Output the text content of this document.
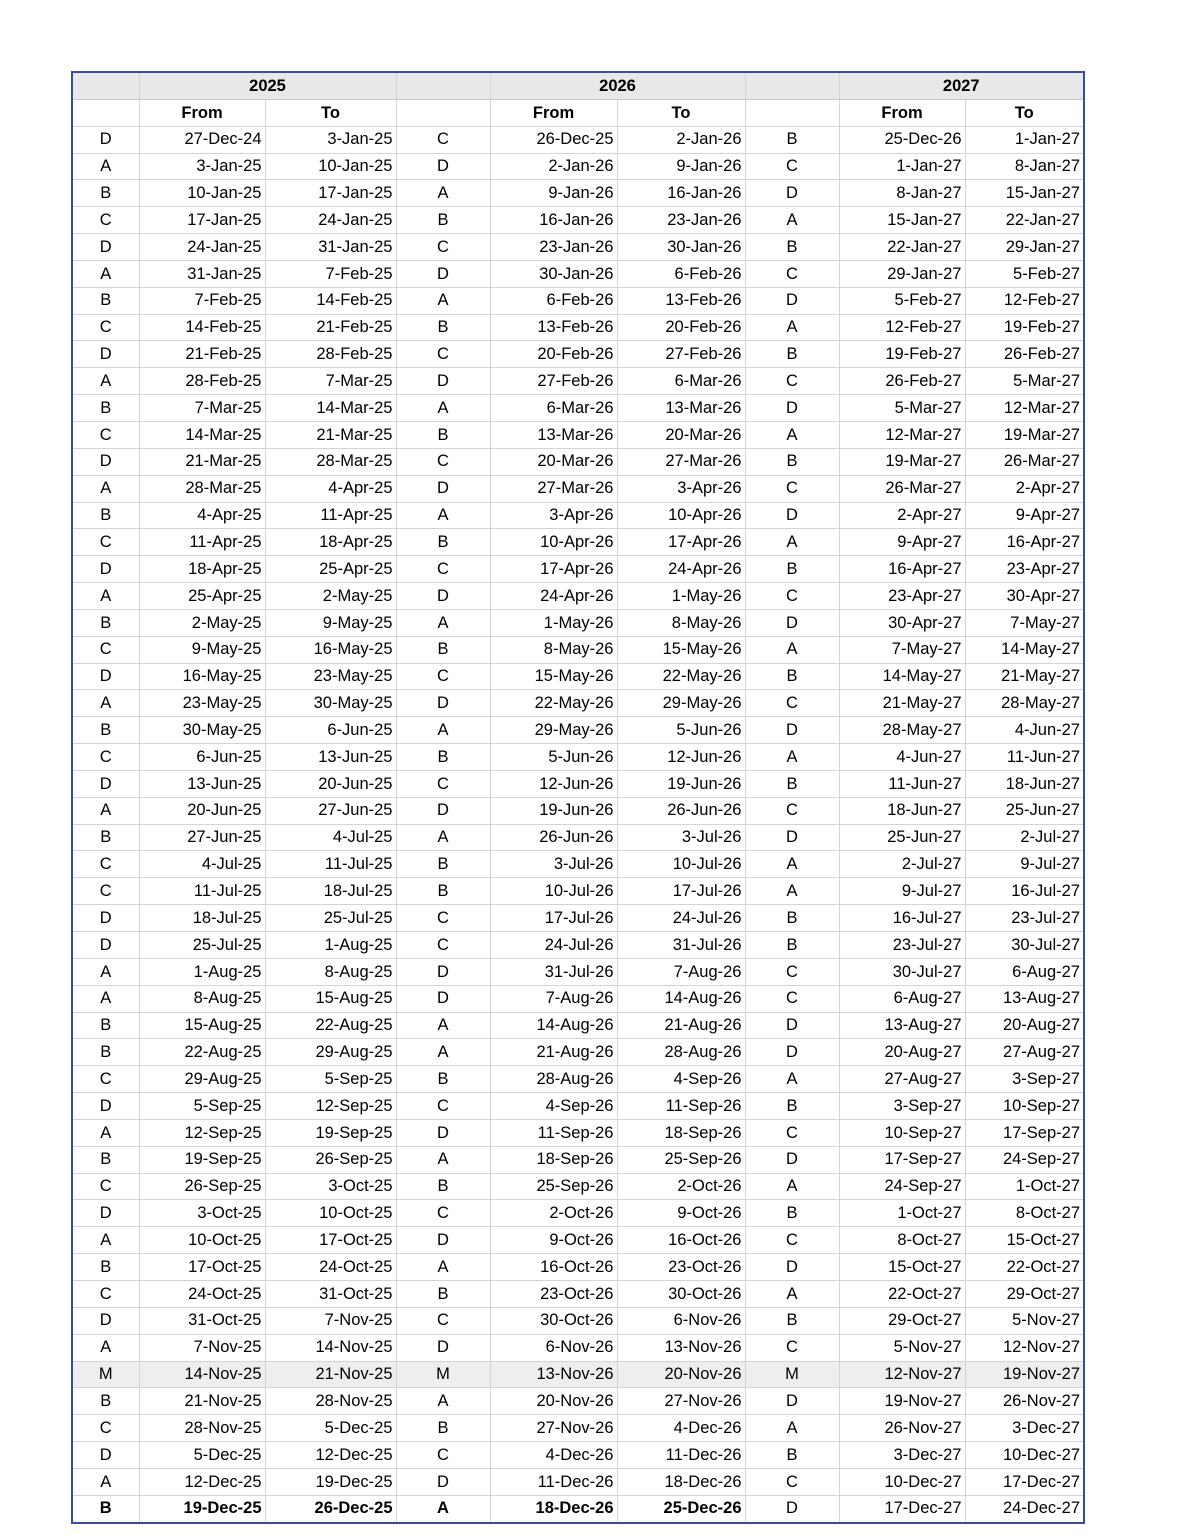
	2025			2026			2027	
	From	To		From	To		From	To
D	27-Dec-24	3-Jan-25	C	26-Dec-25	2-Jan-26	B	25-Dec-26	1-Jan-27
A	3-Jan-25	10-Jan-25	D	2-Jan-26	9-Jan-26	C	1-Jan-27	8-Jan-27
B	10-Jan-25	17-Jan-25	A	9-Jan-26	16-Jan-26	D	8-Jan-27	15-Jan-27
C	17-Jan-25	24-Jan-25	B	16-Jan-26	23-Jan-26	A	15-Jan-27	22-Jan-27
D	24-Jan-25	31-Jan-25	C	23-Jan-26	30-Jan-26	B	22-Jan-27	29-Jan-27
A	31-Jan-25	7-Feb-25	D	30-Jan-26	6-Feb-26	C	29-Jan-27	5-Feb-27
B	7-Feb-25	14-Feb-25	A	6-Feb-26	13-Feb-26	D	5-Feb-27	12-Feb-27
C	14-Feb-25	21-Feb-25	B	13-Feb-26	20-Feb-26	A	12-Feb-27	19-Feb-27
D	21-Feb-25	28-Feb-25	C	20-Feb-26	27-Feb-26	B	19-Feb-27	26-Feb-27
A	28-Feb-25	7-Mar-25	D	27-Feb-26	6-Mar-26	C	26-Feb-27	5-Mar-27
B	7-Mar-25	14-Mar-25	A	6-Mar-26	13-Mar-26	D	5-Mar-27	12-Mar-27
C	14-Mar-25	21-Mar-25	B	13-Mar-26	20-Mar-26	A	12-Mar-27	19-Mar-27
D	21-Mar-25	28-Mar-25	C	20-Mar-26	27-Mar-26	B	19-Mar-27	26-Mar-27
A	28-Mar-25	4-Apr-25	D	27-Mar-26	3-Apr-26	C	26-Mar-27	2-Apr-27
B	4-Apr-25	11-Apr-25	A	3-Apr-26	10-Apr-26	D	2-Apr-27	9-Apr-27
C	11-Apr-25	18-Apr-25	B	10-Apr-26	17-Apr-26	A	9-Apr-27	16-Apr-27
D	18-Apr-25	25-Apr-25	C	17-Apr-26	24-Apr-26	B	16-Apr-27	23-Apr-27
A	25-Apr-25	2-May-25	D	24-Apr-26	1-May-26	C	23-Apr-27	30-Apr-27
B	2-May-25	9-May-25	A	1-May-26	8-May-26	D	30-Apr-27	7-May-27
C	9-May-25	16-May-25	B	8-May-26	15-May-26	A	7-May-27	14-May-27
D	16-May-25	23-May-25	C	15-May-26	22-May-26	B	14-May-27	21-May-27
A	23-May-25	30-May-25	D	22-May-26	29-May-26	C	21-May-27	28-May-27
B	30-May-25	6-Jun-25	A	29-May-26	5-Jun-26	D	28-May-27	4-Jun-27
C	6-Jun-25	13-Jun-25	B	5-Jun-26	12-Jun-26	A	4-Jun-27	11-Jun-27
D	13-Jun-25	20-Jun-25	C	12-Jun-26	19-Jun-26	B	11-Jun-27	18-Jun-27
A	20-Jun-25	27-Jun-25	D	19-Jun-26	26-Jun-26	C	18-Jun-27	25-Jun-27
B	27-Jun-25	4-Jul-25	A	26-Jun-26	3-Jul-26	D	25-Jun-27	2-Jul-27
C	4-Jul-25	11-Jul-25	B	3-Jul-26	10-Jul-26	A	2-Jul-27	9-Jul-27
C	11-Jul-25	18-Jul-25	B	10-Jul-26	17-Jul-26	A	9-Jul-27	16-Jul-27
D	18-Jul-25	25-Jul-25	C	17-Jul-26	24-Jul-26	B	16-Jul-27	23-Jul-27
D	25-Jul-25	1-Aug-25	C	24-Jul-26	31-Jul-26	B	23-Jul-27	30-Jul-27
A	1-Aug-25	8-Aug-25	D	31-Jul-26	7-Aug-26	C	30-Jul-27	6-Aug-27
A	8-Aug-25	15-Aug-25	D	7-Aug-26	14-Aug-26	C	6-Aug-27	13-Aug-27
B	15-Aug-25	22-Aug-25	A	14-Aug-26	21-Aug-26	D	13-Aug-27	20-Aug-27
B	22-Aug-25	29-Aug-25	A	21-Aug-26	28-Aug-26	D	20-Aug-27	27-Aug-27
C	29-Aug-25	5-Sep-25	B	28-Aug-26	4-Sep-26	A	27-Aug-27	3-Sep-27
D	5-Sep-25	12-Sep-25	C	4-Sep-26	11-Sep-26	B	3-Sep-27	10-Sep-27
A	12-Sep-25	19-Sep-25	D	11-Sep-26	18-Sep-26	C	10-Sep-27	17-Sep-27
B	19-Sep-25	26-Sep-25	A	18-Sep-26	25-Sep-26	D	17-Sep-27	24-Sep-27
C	26-Sep-25	3-Oct-25	B	25-Sep-26	2-Oct-26	A	24-Sep-27	1-Oct-27
D	3-Oct-25	10-Oct-25	C	2-Oct-26	9-Oct-26	B	1-Oct-27	8-Oct-27
A	10-Oct-25	17-Oct-25	D	9-Oct-26	16-Oct-26	C	8-Oct-27	15-Oct-27
B	17-Oct-25	24-Oct-25	A	16-Oct-26	23-Oct-26	D	15-Oct-27	22-Oct-27
C	24-Oct-25	31-Oct-25	B	23-Oct-26	30-Oct-26	A	22-Oct-27	29-Oct-27
D	31-Oct-25	7-Nov-25	C	30-Oct-26	6-Nov-26	B	29-Oct-27	5-Nov-27
A	7-Nov-25	14-Nov-25	D	6-Nov-26	13-Nov-26	C	5-Nov-27	12-Nov-27
M	14-Nov-25	21-Nov-25	M	13-Nov-26	20-Nov-26	M	12-Nov-27	19-Nov-27
B	21-Nov-25	28-Nov-25	A	20-Nov-26	27-Nov-26	D	19-Nov-27	26-Nov-27
C	28-Nov-25	5-Dec-25	B	27-Nov-26	4-Dec-26	A	26-Nov-27	3-Dec-27
D	5-Dec-25	12-Dec-25	C	4-Dec-26	11-Dec-26	B	3-Dec-27	10-Dec-27
A	12-Dec-25	19-Dec-25	D	11-Dec-26	18-Dec-26	C	10-Dec-27	17-Dec-27
B	19-Dec-25	26-Dec-25	A	18-Dec-26	25-Dec-26	D	17-Dec-27	24-Dec-27
